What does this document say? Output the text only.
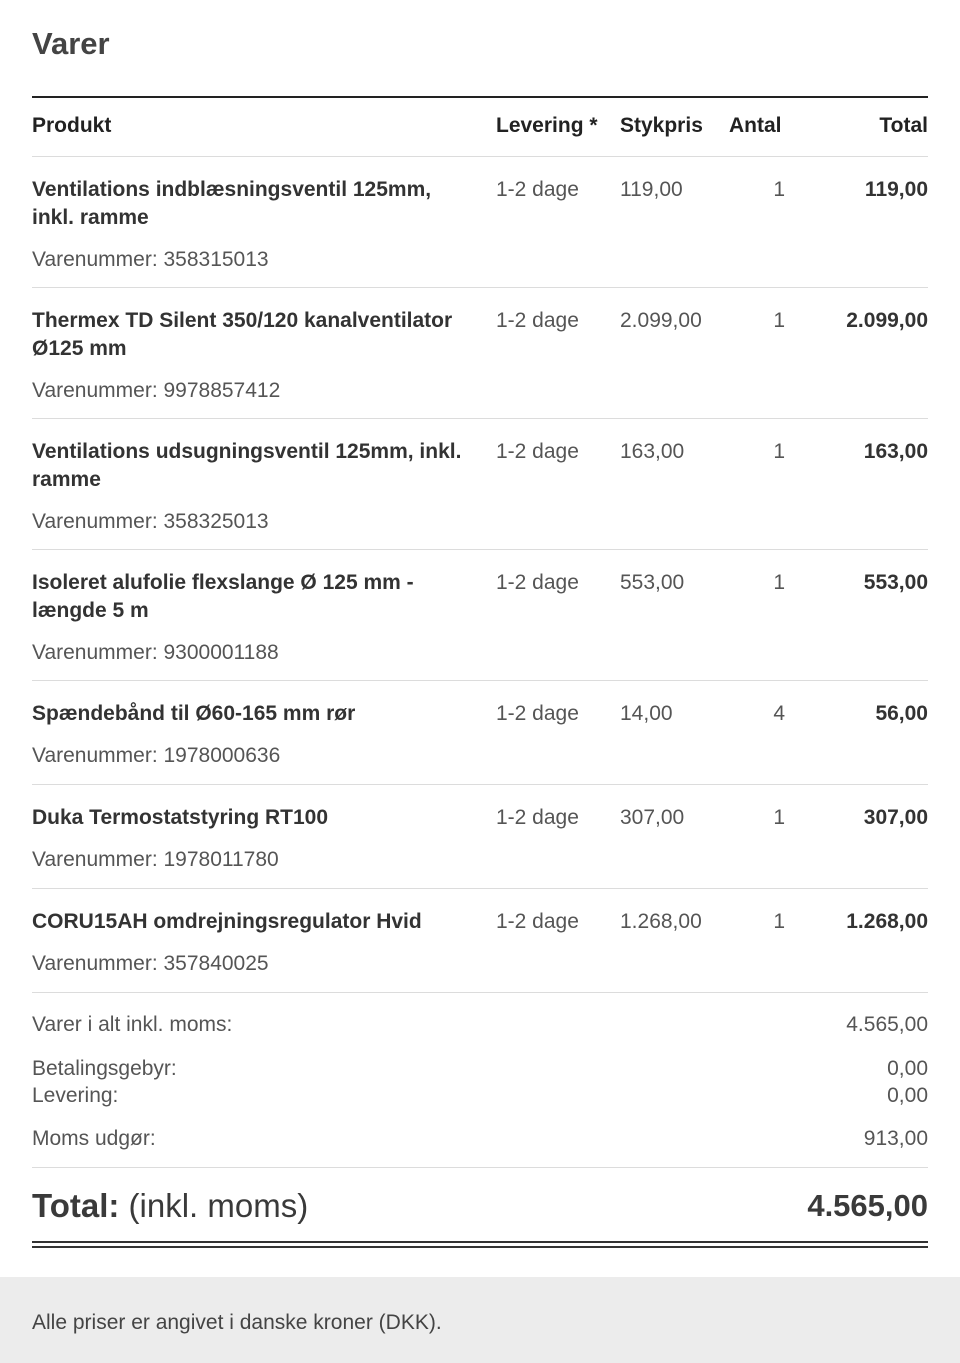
Varer
Produkt	Levering * Stykpris Antal	Total
Ventilations indblæsningsventil 125mm, inkl. ramme
Varenummer: 358315013
1-2 dage 119,00	1	119,00
Thermex TD Silent 350/120 kanalventilator Ø125 mm
Varenummer: 9978857412
1-2 dage 2.099,00	1	2.099,00
Ventilations udsugningsventil 125mm, inkl. ramme
Varenummer: 358325013
1-2 dage 163,00	1	163,00
Isoleret alufolie flexslange Ø 125 mm - længde 5 m
Varenummer: 9300001188
1-2 dage 553,00	1	553,00
Spændebånd til Ø60-165 mm rør
Varenummer: 1978000636
1-2 dage 14,00	4	56,00
Duka Termostatstyring RT100
Varenummer: 1978011780
1-2 dage 307,00	1	307,00
CORU15AH omdrejningsregulator Hvid
Varenummer: 357840025
1-2 dage 1.268,00	1	1.268,00
Varer i alt inkl. moms:	4.565,00
Betalingsgebyr:	0,00
Levering:	0,00
Moms udgør:	913,00
Total: (inkl. moms)	4.565,00
Alle priser er angivet i danske kroner (DKK).
